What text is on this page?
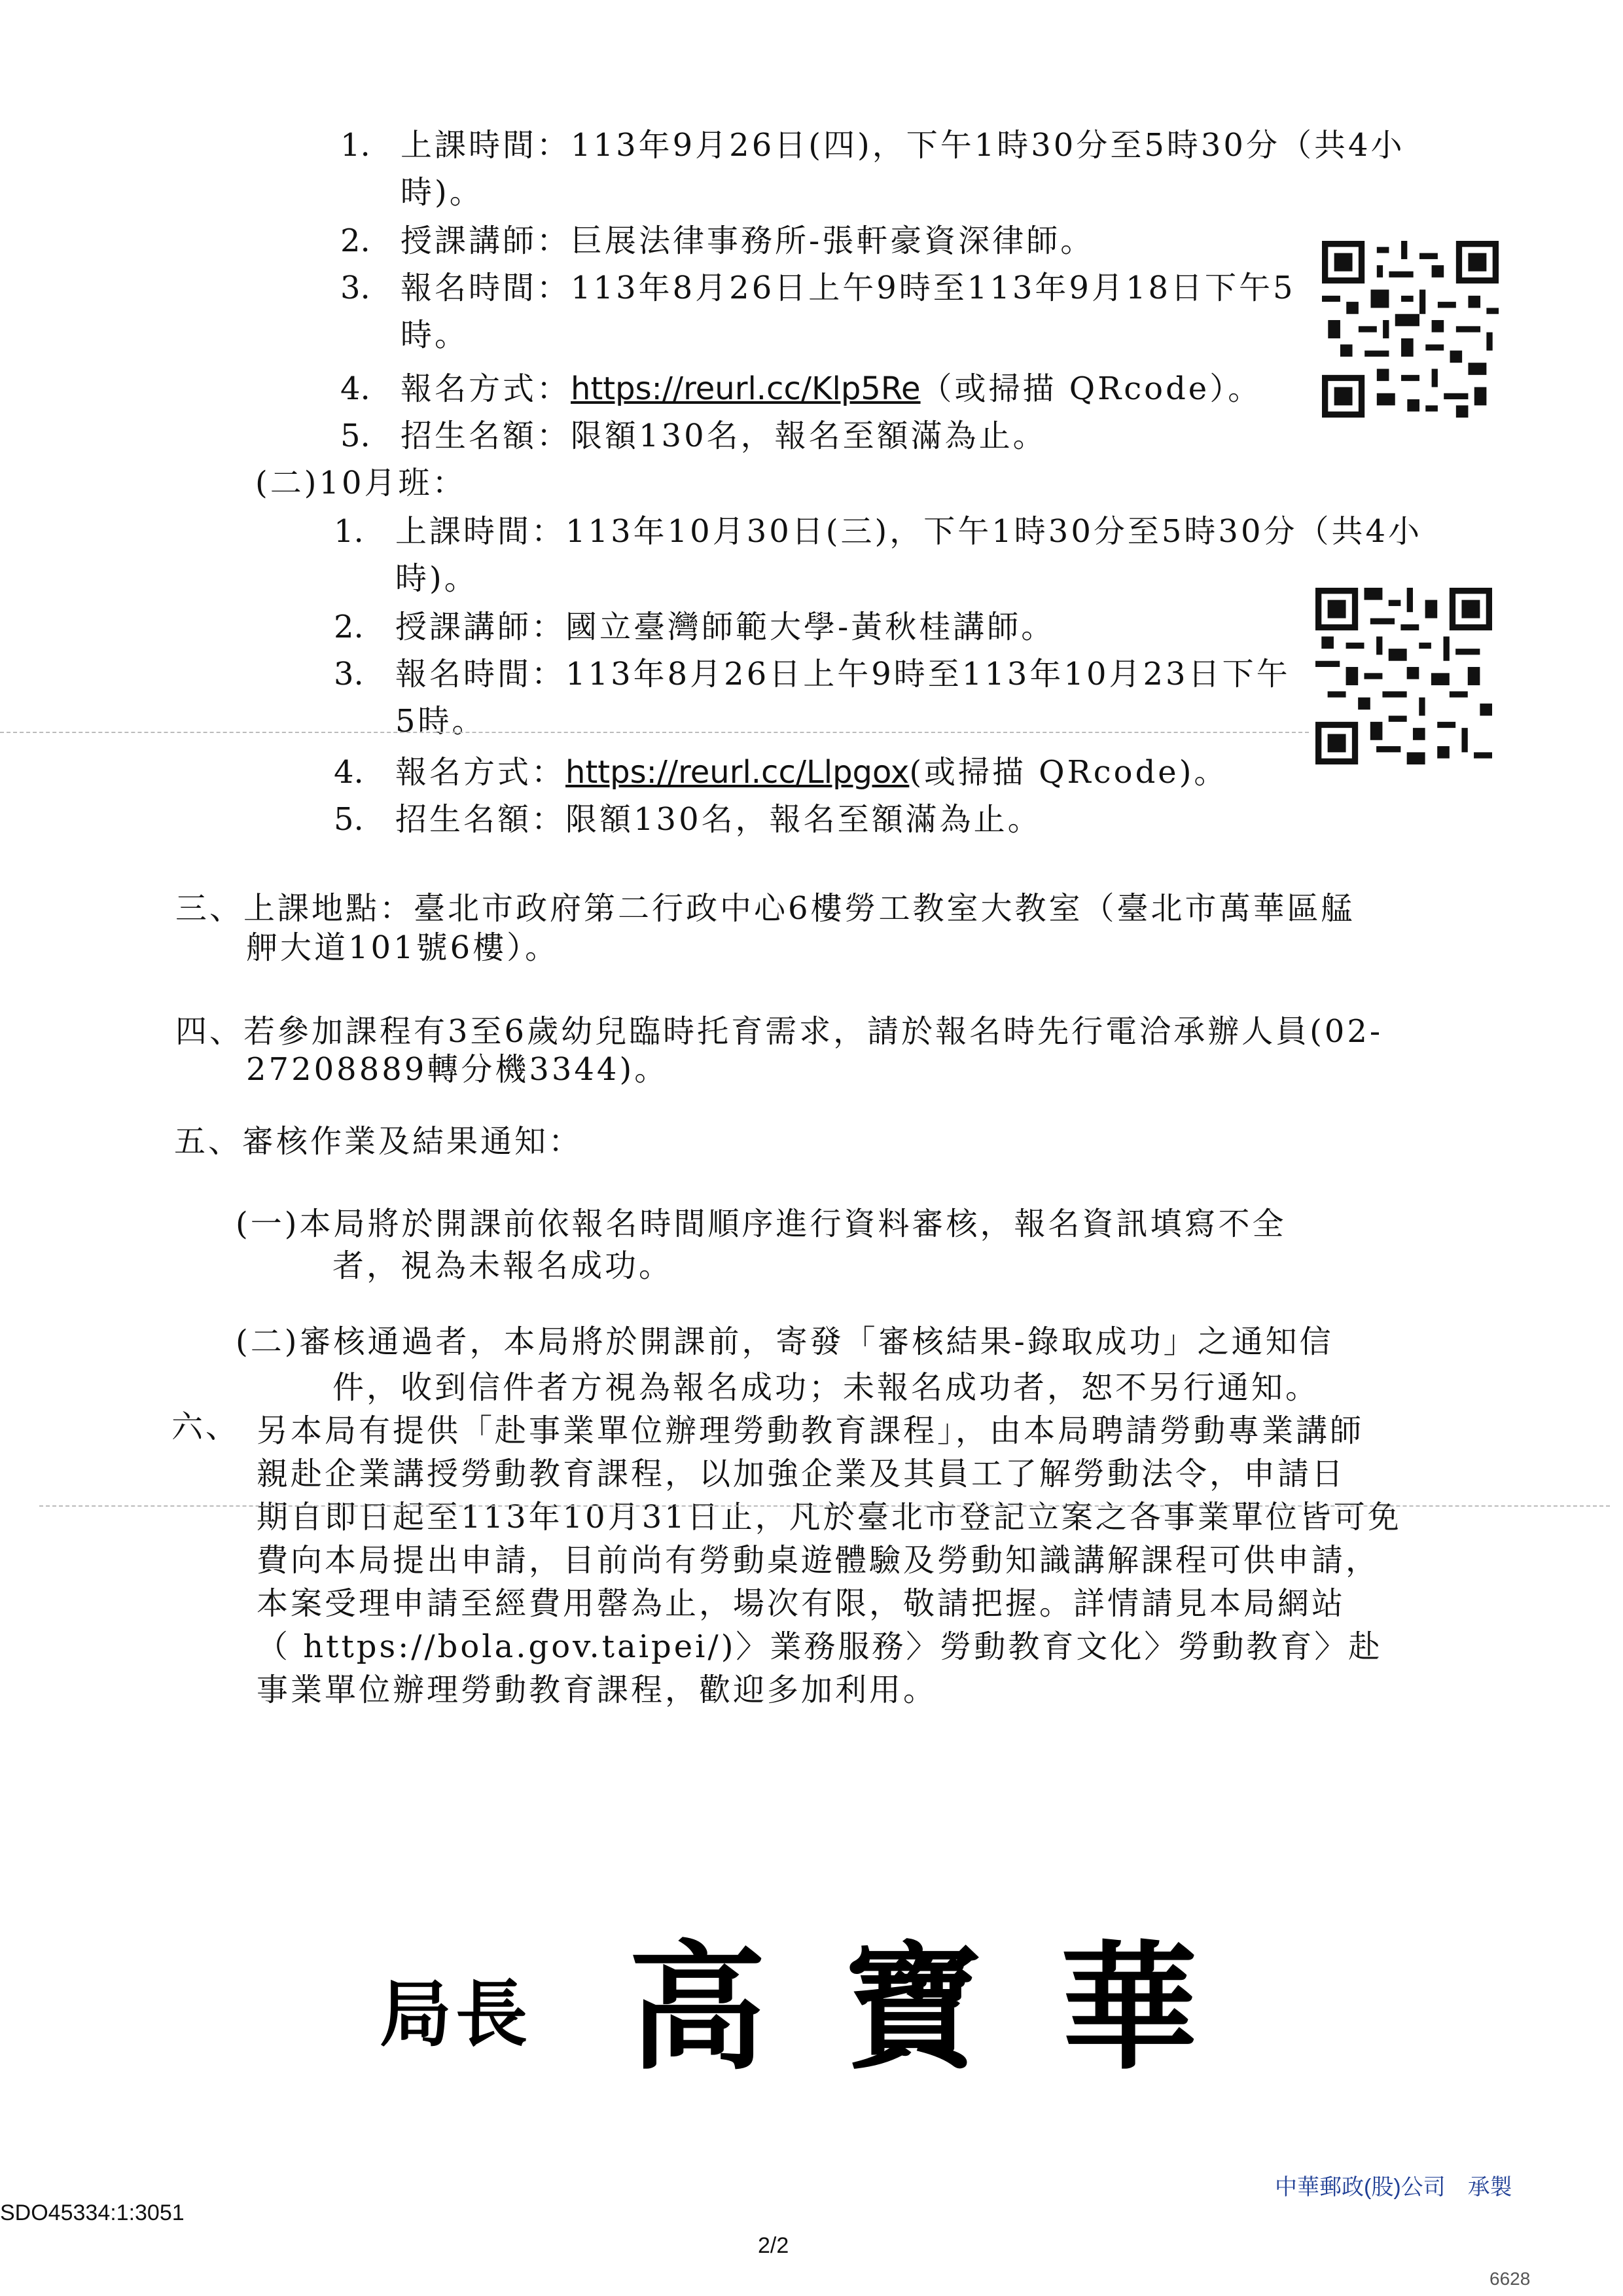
1. 上課時間：113年9月26日(四)，下午1時30分至5時30分（共4小
時)。
2. 授課講師：巨展法律事務所-張軒豪資深律師。
3. 報名時間：113年8月26日上午9時至113年9月18日下午5
時。
4. 報名方式：https://reurl.cc/Klp5Re（或掃描 QRcode）。
5. 招生名額：限額130名，報名至額滿為止。
(二)10月班：
1. 上課時間：113年10月30日(三)，下午1時30分至5時30分（共4小
時)。
2. 授課講師：國立臺灣師範大學-黃秋桂講師。
3. 報名時間：113年8月26日上午9時至113年10月23日下午
5時。
4. 報名方式：https://reurl.cc/Llpgox(或掃描 QRcode)。
5. 招生名額：限額130名，報名至額滿為止。
三、上課地點：臺北市政府第二行政中心6樓勞工教室大教室（臺北市萬華區艋
舺大道101號6樓）。
四、若參加課程有3至6歲幼兒臨時托育需求，請於報名時先行電洽承辦人員(02-
27208889轉分機3344)。
五、審核作業及結果通知：
(一)本局將於開課前依報名時間順序進行資料審核，報名資訊填寫不全
者，視為未報名成功。
(二)審核通過者，本局將於開課前，寄發「審核結果-錄取成功」之通知信
件，收到信件者方視為報名成功；未報名成功者，恕不另行通知。
六、 另本局有提供「赴事業單位辦理勞動教育課程」，由本局聘請勞動專業講師
親赴企業講授勞動教育課程，以加強企業及其員工了解勞動法令，申請日
期自即日起至113年10月31日止，凡於臺北市登記立案之各事業單位皆可免
費向本局提出申請，目前尚有勞動桌遊體驗及勞動知識講解課程可供申請，
本案受理申請至經費用罄為止，場次有限，敬請把握。詳情請見本局網站
（ https://bola.gov.taipei/)〉業務服務〉勞動教育文化〉勞動教育〉赴
事業單位辦理勞動教育課程，歡迎多加利用。
局長 高寶華
SDO45334:1:3051
2/2
中華郵政(股)公司　承製
6628
